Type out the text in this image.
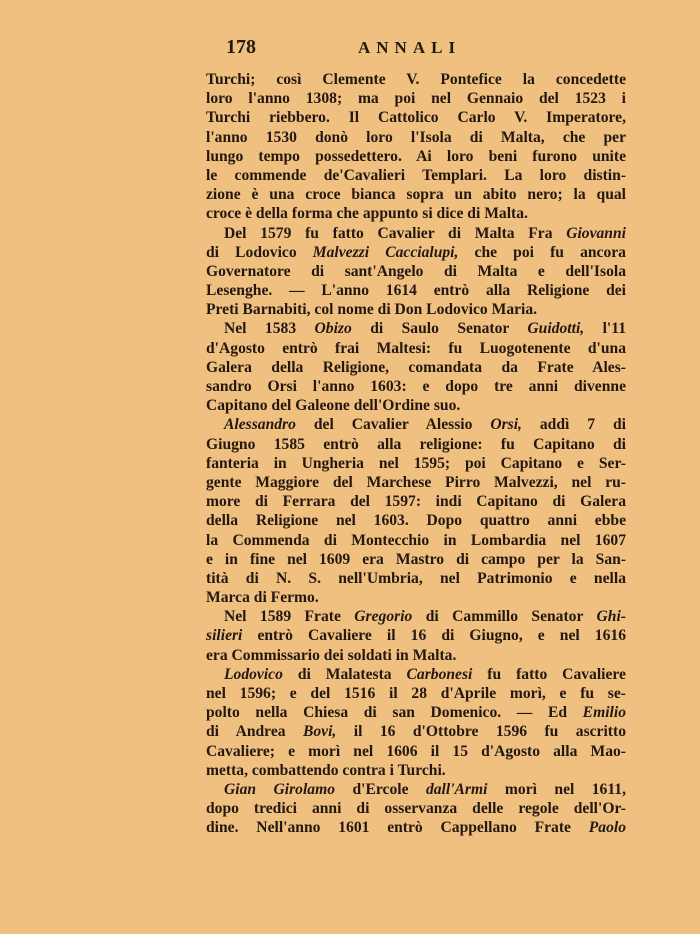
178	ANNALI
Turchi; così Clemente V. Pontefice la concedette
loro l'anno 1308; ma poi nel Gennaio del 1523 i
Turchi riebbero. Il Cattolico Carlo V. Imperatore,
l'anno 1530 donò loro l'Isola di Malta, che per
lungo tempo possedettero. Ai loro beni furono unite
le commende de'Cavalieri Templari. La loro distin-
zione è una croce bianca sopra un abito nero; la qual
croce è della forma che appunto si dice di Malta.
Del 1579 fu fatto Cavalier di Malta Fra Giovanni
di Lodovico Malvezzi Caccialupi, che poi fu ancora
Governatore di sant'Angelo di Malta e dell'Isola
Lesenghe. — L'anno 1614 entrò alla Religione dei
Preti Barnabiti, col nome di Don Lodovico Maria.
Nel 1583 Obizo di Saulo Senator Guidotti, l'11
d'Agosto entrò frai Maltesi: fu Luogotenente d'una
Galera della Religione, comandata da Frate Ales-
sandro Orsi l'anno 1603: e dopo tre anni divenne
Capitano del Galeone dell'Ordine suo.
Alessandro del Cavalier Alessio Orsi, addì 7 di
Giugno 1585 entrò alla religione: fu Capitano di
fanteria in Ungheria nel 1595; poi Capitano e Ser-
gente Maggiore del Marchese Pirro Malvezzi, nel ru-
more di Ferrara del 1597: indi Capitano di Galera
della Religione nel 1603. Dopo quattro anni ebbe
la Commenda di Montecchio in Lombardia nel 1607
e in fine nel 1609 era Mastro di campo per la San-
tità di N. S. nell'Umbria, nel Patrimonio e nella
Marca di Fermo.
Nel 1589 Frate Gregorio di Cammillo Senator Ghi-
silieri entrò Cavaliere il 16 di Giugno, e nel 1616
era Commissario dei soldati in Malta.
Lodovico di Malatesta Carbonesi fu fatto Cavaliere
nel 1596; e del 1516 il 28 d'Aprile morì, e fu se-
polto nella Chiesa di san Domenico. — Ed Emilio
di Andrea Bovi, il 16 d'Ottobre 1596 fu ascritto
Cavaliere; e morì nel 1606 il 15 d'Agosto alla Mao-
metta, combattendo contra i Turchi.
Gian Girolamo d'Ercole dall'Armi morì nel 1611,
dopo tredici anni di osservanza delle regole dell'Or-
dine. Nell'anno 1601 entrò Cappellano Frate Paolo
